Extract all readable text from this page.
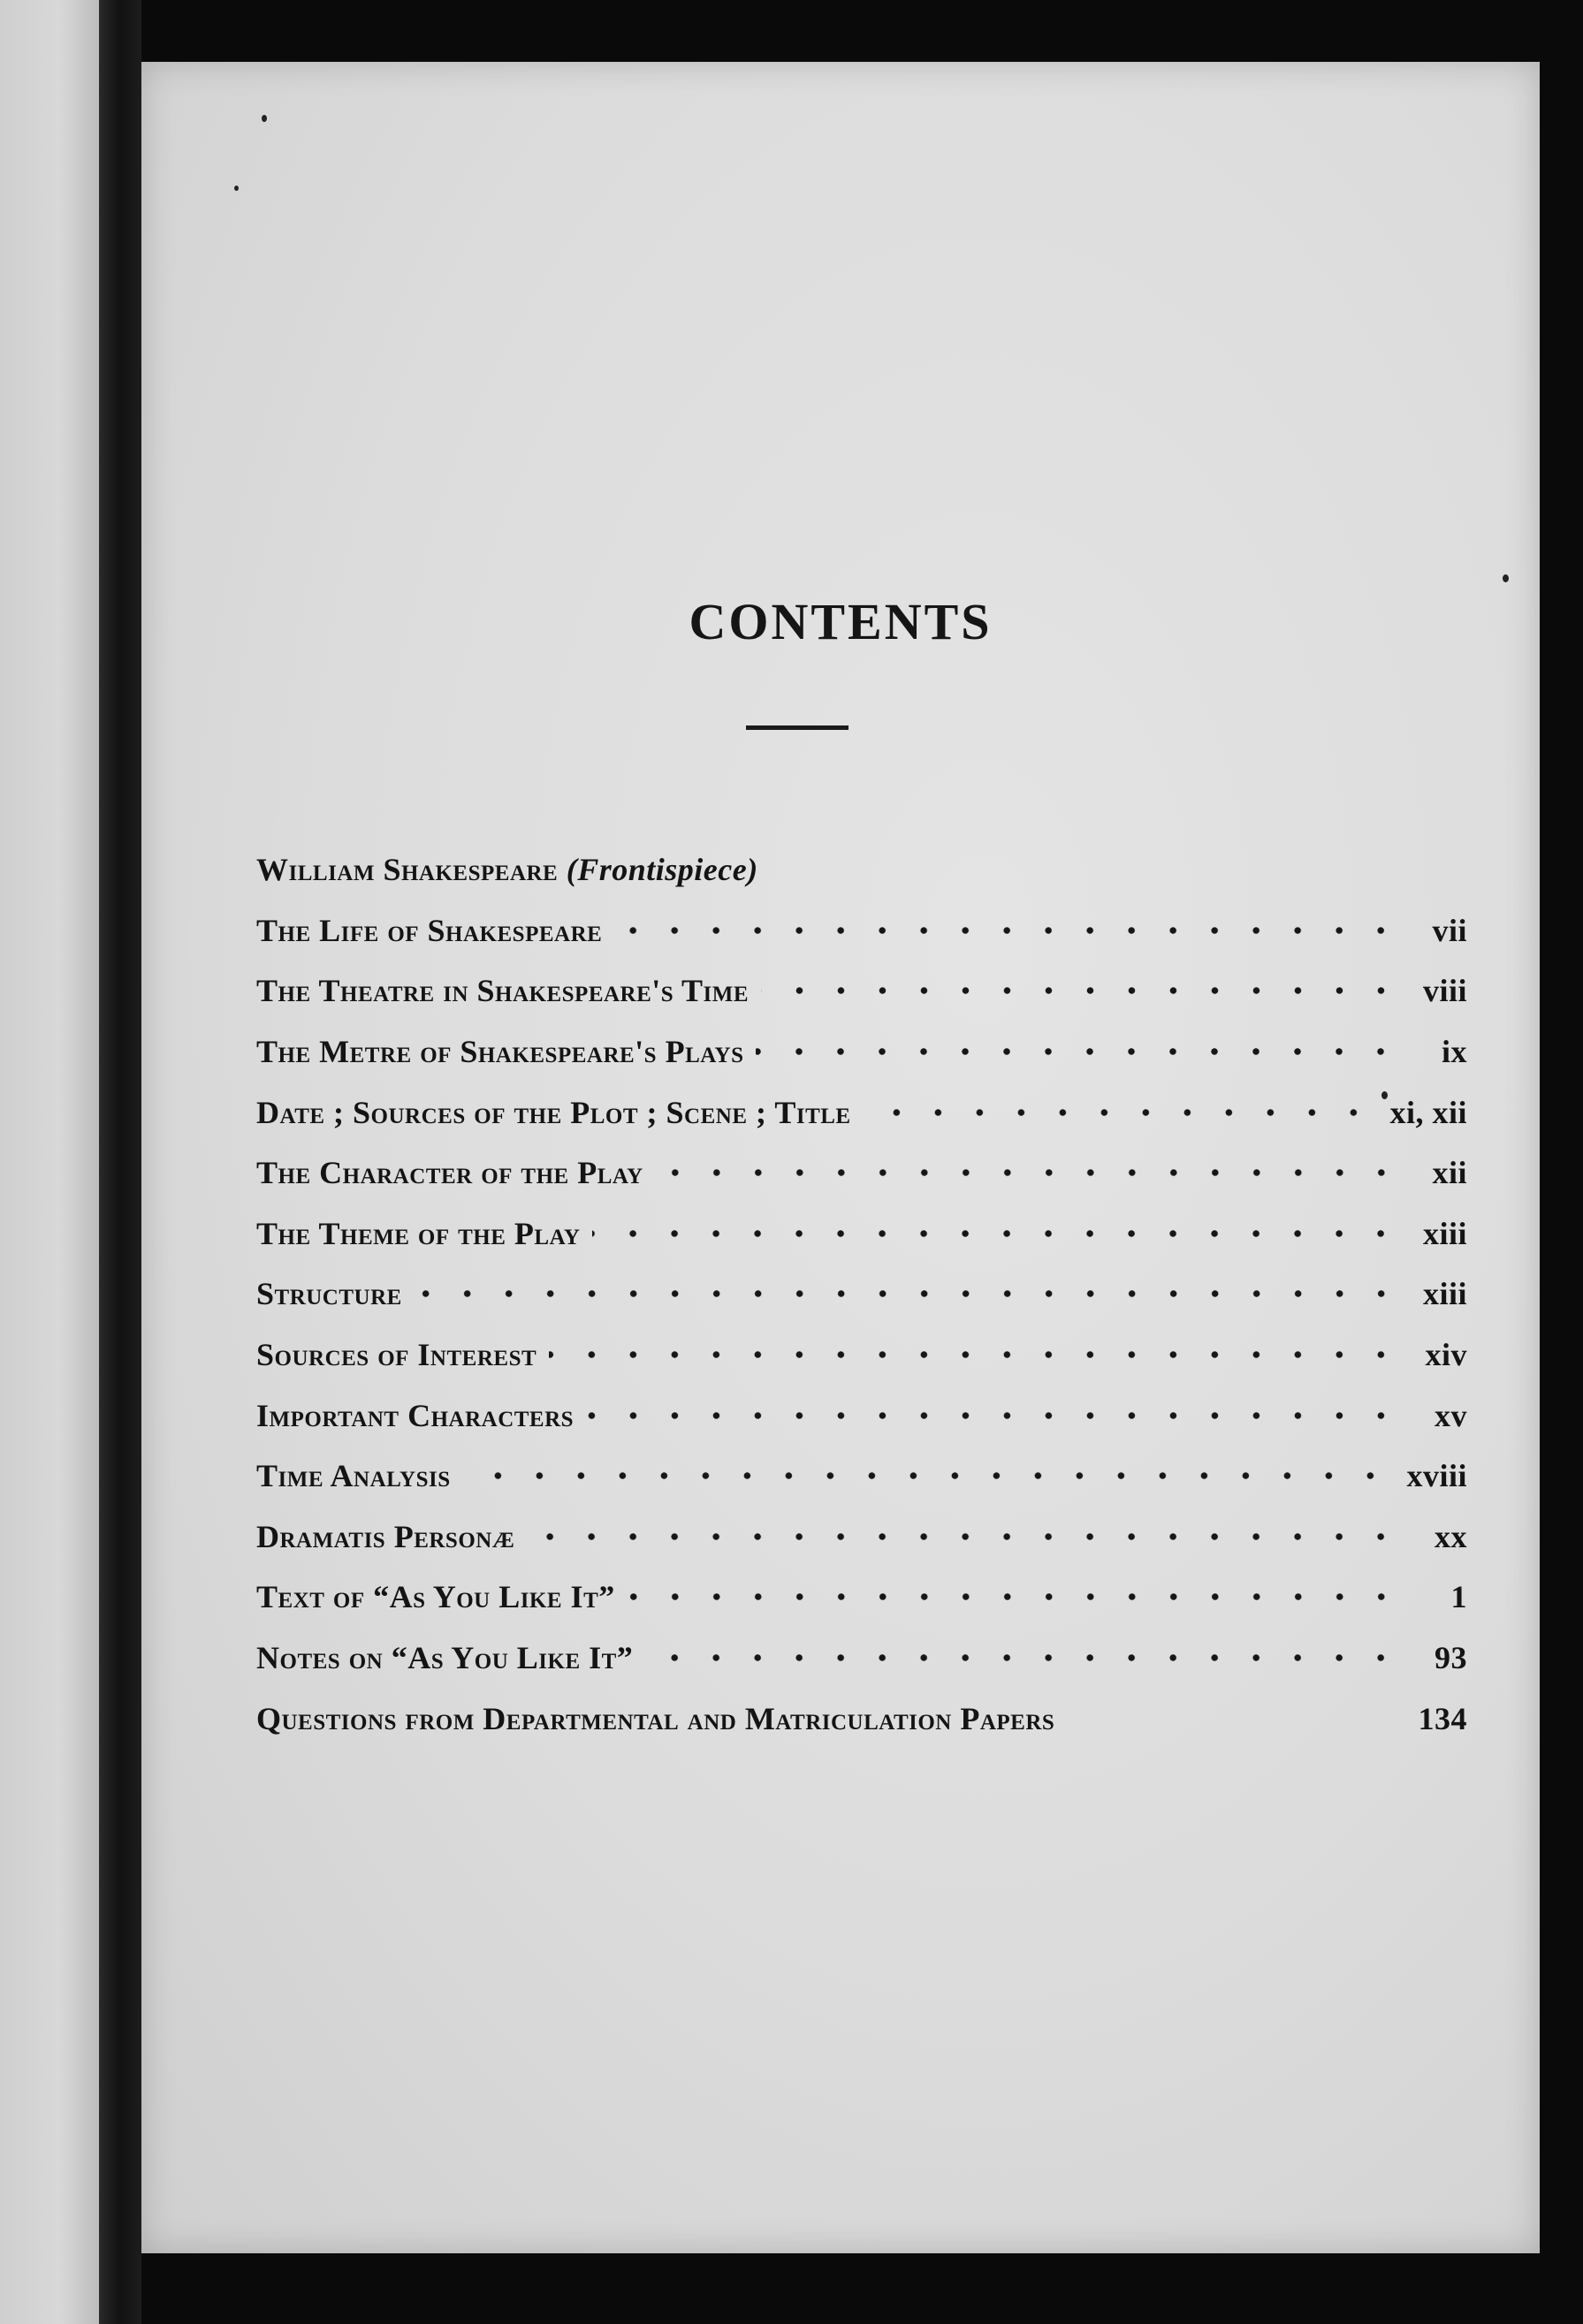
CONTENTS
William Shakespeare (Frontispiece)
The Life of Shakespeare	vii
The Theatre in Shakespeare's Time	viii
The Metre of Shakespeare's Plays	ix
Date ; Sources of the Plot ; Scene ; Title	xi, xii
The Character of the Play	xii
The Theme of the Play	xiii
Structure	xiii
Sources of Interest	xiv
Important Characters	xv
Time Analysis	xviii
Dramatis Personæ	xx
Text of “As You Like It”	1
Notes on “As You Like It”	93
Questions from Departmental and Matriculation Papers	134
